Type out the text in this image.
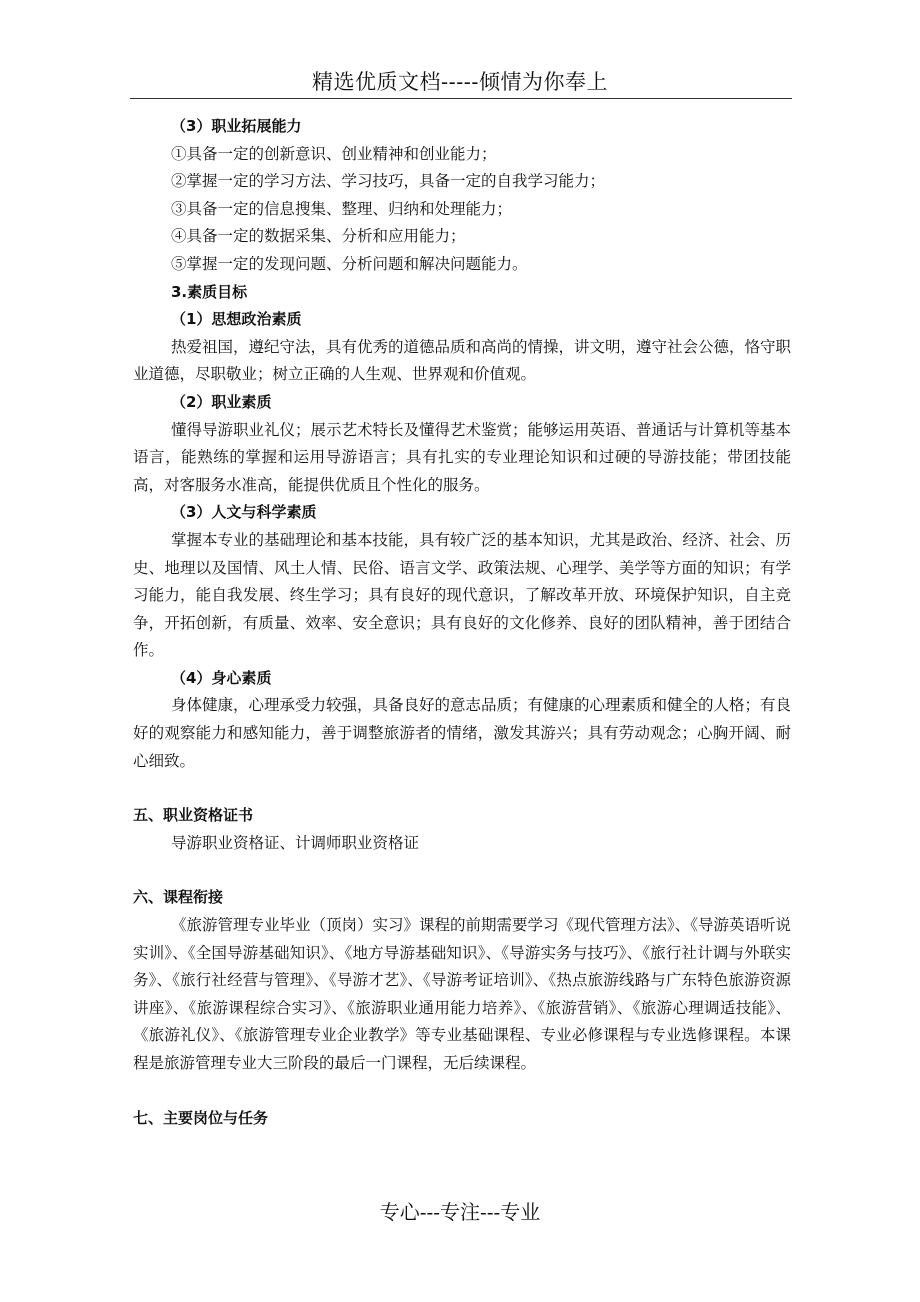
精选优质文档-----倾情为你奉上
（3）职业拓展能力
①具备一定的创新意识、创业精神和创业能力；
②掌握一定的学习方法、学习技巧，具备一定的自我学习能力；
③具备一定的信息搜集、整理、归纳和处理能力；
④具备一定的数据采集、分析和应用能力；
⑤掌握一定的发现问题、分析问题和解决问题能力。
3.素质目标
（1）思想政治素质

热爱祖国，遵纪守法，具有优秀的道德品质和高尚的情操，讲文明，遵守社会公德，恪守职业道德，尽职敬业；树立正确的人生观、世界观和价值观。

（2）职业素质

懂得导游职业礼仪；展示艺术特长及懂得艺术鉴赏；能够运用英语、普通话与计算机等基本语言，能熟练的掌握和运用导游语言；具有扎实的专业理论知识和过硬的导游技能；带团技能高，对客服务水准高，能提供优质且个性化的服务。

（3）人文与科学素质

掌握本专业的基础理论和基本技能，具有较广泛的基本知识，尤其是政治、经济、社会、历史、地理以及国情、风土人情、民俗、语言文学、政策法规、心理学、美学等方面的知识；有学习能力，能自我发展、终生学习；具有良好的现代意识，了解改革开放、环境保护知识，自主竞争，开拓创新，有质量、效率、安全意识；具有良好的文化修养、良好的团队精神，善于团结合作。

（4）身心素质

身体健康，心理承受力较强，具备良好的意志品质；有健康的心理素质和健全的人格；有良好的观察能力和感知能力，善于调整旅游者的情绪，激发其游兴；具有劳动观念；心胸开阔、耐心细致。

五、职业资格证书
导游职业资格证、计调师职业资格证
六、课程衔接

《旅游管理专业毕业（顶岗）实习》课程的前期需要学习《现代管理方法》、《导游英语听说实训》、《全国导游基础知识》、《地方导游基础知识》、《导游实务与技巧》、《旅行社计调与外联实务》、《旅行社经营与管理》、《导游才艺》、《导游考证培训》、《热点旅游线路与广东特色旅游资源讲座》、《旅游课程综合实习》、《旅游职业通用能力培养》、《旅游营销》、《旅游心理调适技能》、《旅游礼仪》、《旅游管理专业企业教学》等专业基础课程、专业必修课程与专业选修课程。本课程是旅游管理专业大三阶段的最后一门课程，无后续课程。

七、主要岗位与任务
专心---专注---专业
